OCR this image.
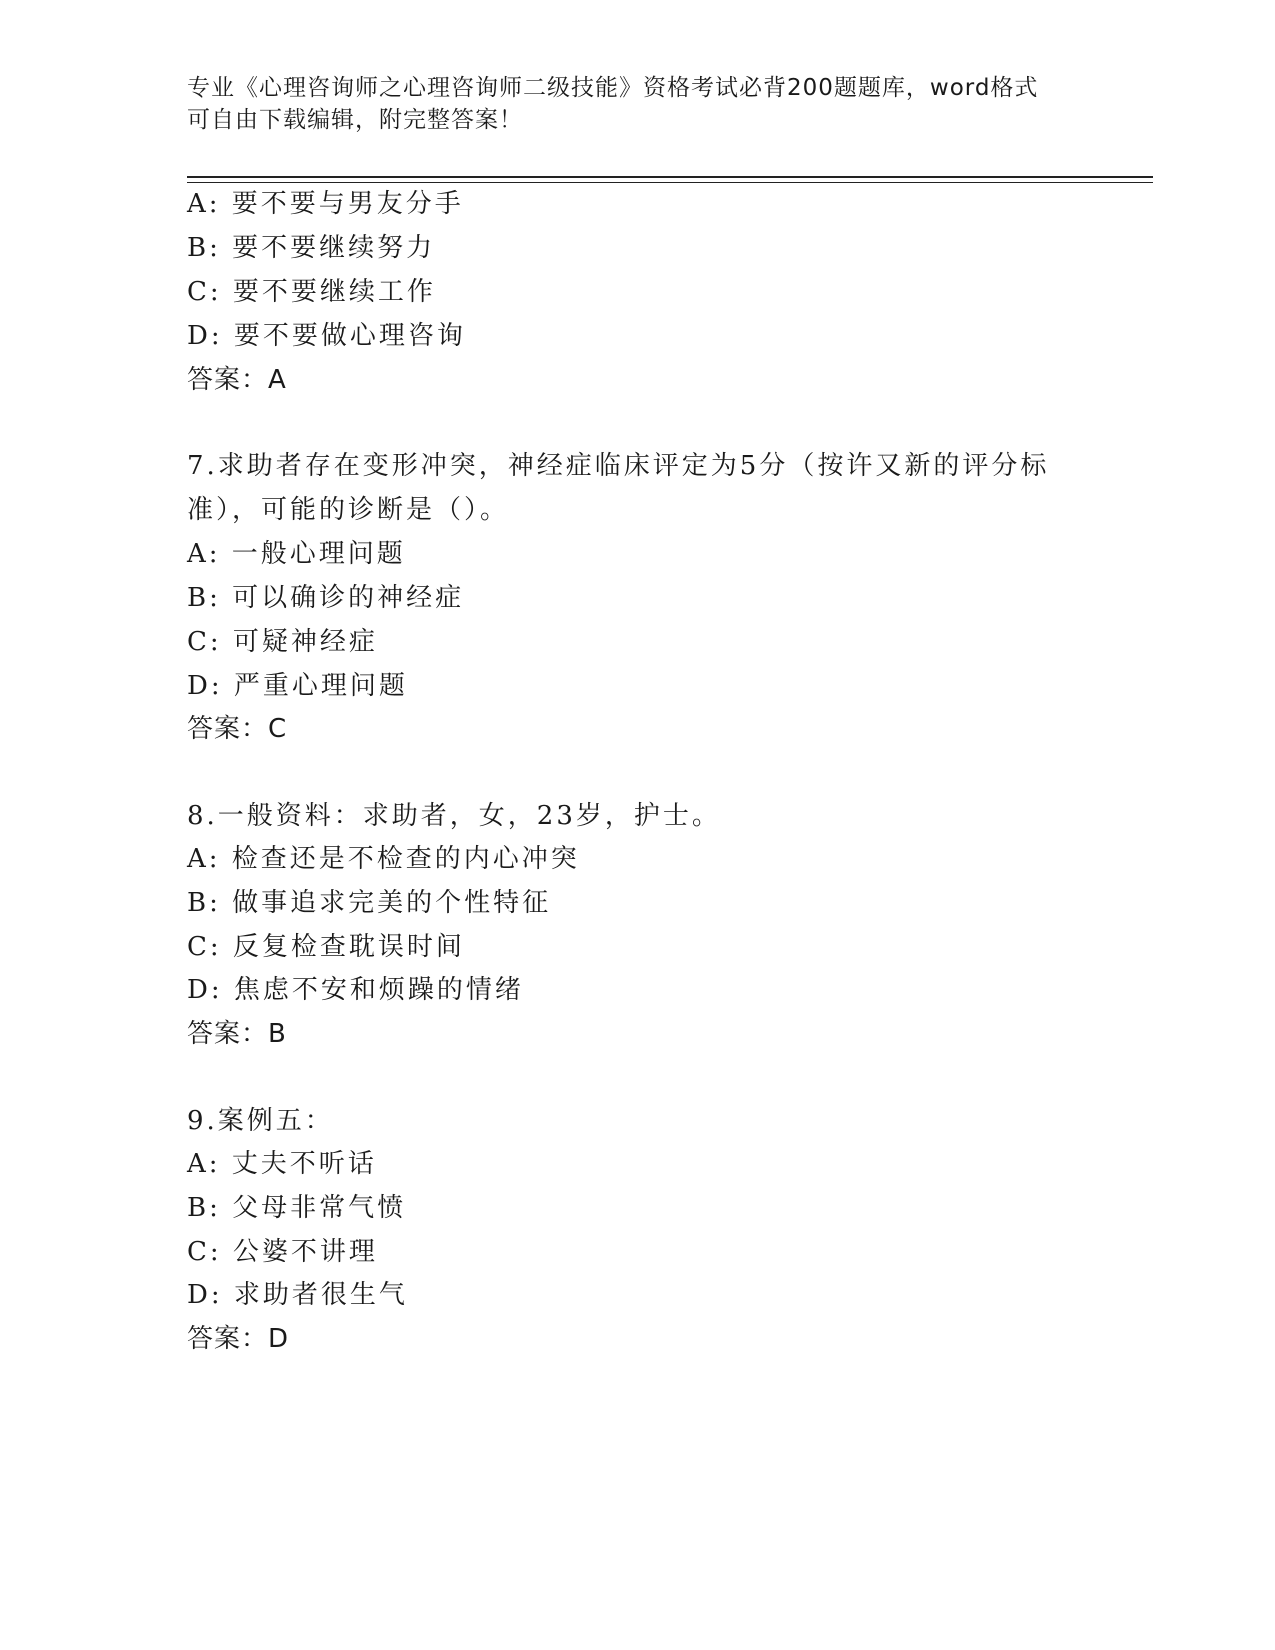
专业《心理咨询师之心理咨询师二级技能》资格考试必背200题题库，word格式
可自由下载编辑，附完整答案！
A: 要不要与男友分手
B: 要不要继续努力
C: 要不要继续工作
D: 要不要做心理咨询
答案：A
7.求助者存在变形冲突，神经症临床评定为5分（按许又新的评分标
准），可能的诊断是（）。
A: 一般心理问题
B: 可以确诊的神经症
C: 可疑神经症
D: 严重心理问题
答案：C
8.一般资料：求助者，女，23岁，护士。
A: 检查还是不检查的内心冲突
B: 做事追求完美的个性特征
C: 反复检查耽误时间
D: 焦虑不安和烦躁的情绪
答案：B
9.案例五：
A: 丈夫不听话
B: 父母非常气愤
C: 公婆不讲理
D: 求助者很生气
答案：D
